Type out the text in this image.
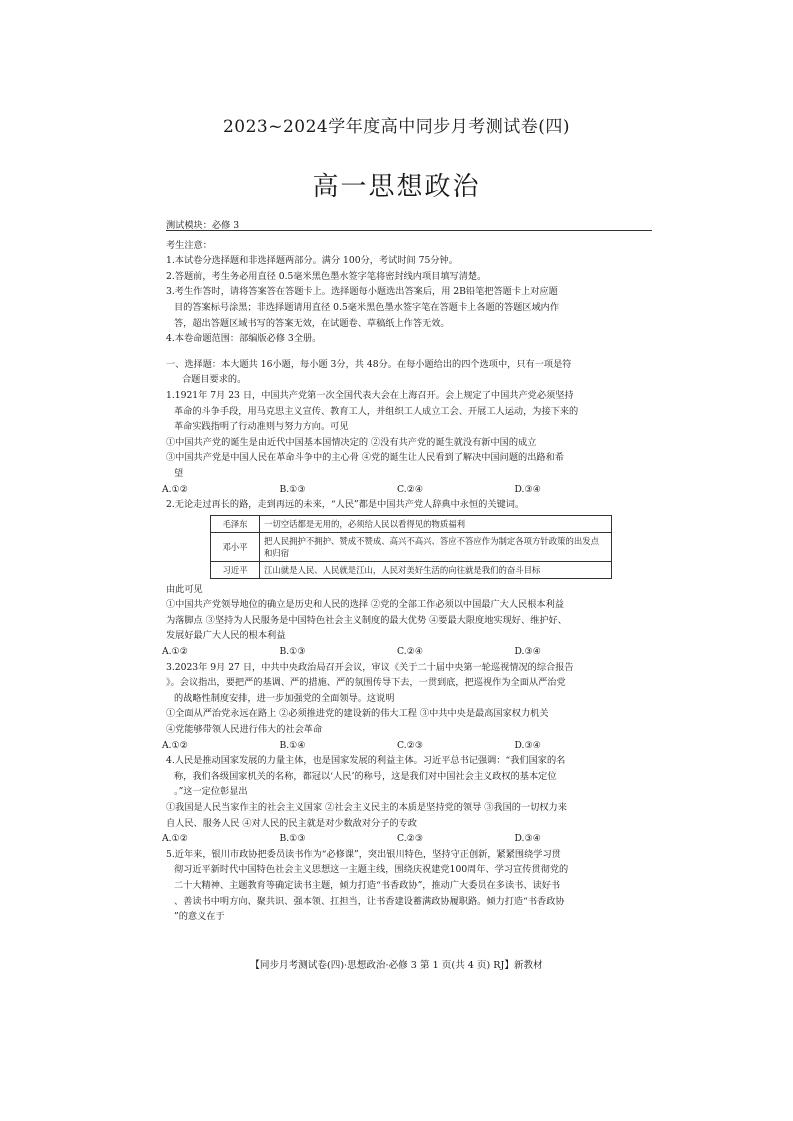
2023~2024学年度高中同步月考测试卷(四)
高一思想政治

测试模块：必修 3

考生注意：

1.本试卷分选择题和非选择题两部分。满分 100分，考试时间 75分钟。

2.答题前，考生务必用直径 0.5毫米黑色墨水签字笔将密封线内项目填写清楚。

3.考生作答时，请将答案答在答题卡上。选择题每小题选出答案后，用 2B铅笔把答题卡上对应题

目的答案标号涂黑；非选择题请用直径 0.5毫米黑色墨水签字笔在答题卡上各题的答题区域内作

答，超出答题区域书写的答案无效，在试题卷、草稿纸上作答无效。

4.本卷命题范围：部编版必修 3全册。

一、选择题：本大题共 16小题，每小题 3分，共 48分。在每小题给出的四个选项中，只有一项是符

合题目要求的。

1.1921年 7月 23 日，中国共产党第一次全国代表大会在上海召开。会上规定了中国共产党必须坚持

革命的斗争手段，用马克思主义宣传、教育工人，并组织工人成立工会、开展工人运动，为接下来的

革命实践指明了行动准则与努力方向。可见

①中国共产党的诞生是由近代中国基本国情决定的 ②没有共产党的诞生就没有新中国的成立

③中国共产党是中国人民在革命斗争中的主心骨 ④党的诞生让人民看到了解决中国问题的出路和希

望

A.①②	B.①③	C.②④	D.③④

2.无论走过再长的路，走到再远的未来，“人民”都是中国共产党人辞典中永恒的关键词。

毛泽东	一切空话都是无用的，必须给人民以看得见的物质福利
邓小平	把人民拥护不拥护、赞成不赞成、高兴不高兴、答应不答应作为制定各项方针政策的出发点和归宿
习近平	江山就是人民、人民就是江山，人民对美好生活的向往就是我们的奋斗目标

由此可见

①中国共产党领导地位的确立是历史和人民的选择 ②党的全部工作必须以中国最广大人民根本利益

为落脚点 ③坚持为人民服务是中国特色社会主义制度的最大优势 ④要最大限度地实现好、维护好、

发展好最广大人民的根本利益

A.①②	B.①③	C.②④	D.③④

3.2023年 9月 27 日，中共中央政治局召开会议，审议《关于二十届中央第一轮巡视情况的综合报告

》。会议指出，要把严的基调、严的措施、严的氛围传导下去，一贯到底，把巡视作为全面从严治党

的战略性制度安排，进一步加强党的全面领导。这说明

①全面从严治党永远在路上 ②必须推进党的建设新的伟大工程 ③中共中央是最高国家权力机关

④党能够带领人民进行伟大的社会革命

A.①②	B.①④	C.②③	D.③④

4.人民是推动国家发展的力量主体，也是国家发展的利益主体。习近平总书记强调：“我们国家的名

称，我们各级国家机关的名称，都冠以‘人民’的称号，这是我们对中国社会主义政权的基本定位

。”这一定位彰显出

①我国是人民当家作主的社会主义国家 ②社会主义民主的本质是坚持党的领导 ③我国的一切权力来

自人民、服务人民 ④对人民的民主就是对少数敌对分子的专政

A.①②	B.①③	C.②③	D.③④

5.近年来，银川市政协把委员读书作为“必修课”，突出银川特色，坚持守正创新，紧紧围绕学习贯

彻习近平新时代中国特色社会主义思想这一主题主线，围绕庆祝建党100周年、学习宣传贯彻党的

二十大精神、主题教育等确定读书主题，倾力打造“书香政协”，推动广大委员在多读书、读好书

、善读书中明方向、聚共识、强本领、扛担当，让书香建设蓄满政协履职路。倾力打造“书香政协

”的意义在于

【同步月考测试卷(四)·思想政治·必修 3 第 1 页(共 4 页) RJ】新教材
